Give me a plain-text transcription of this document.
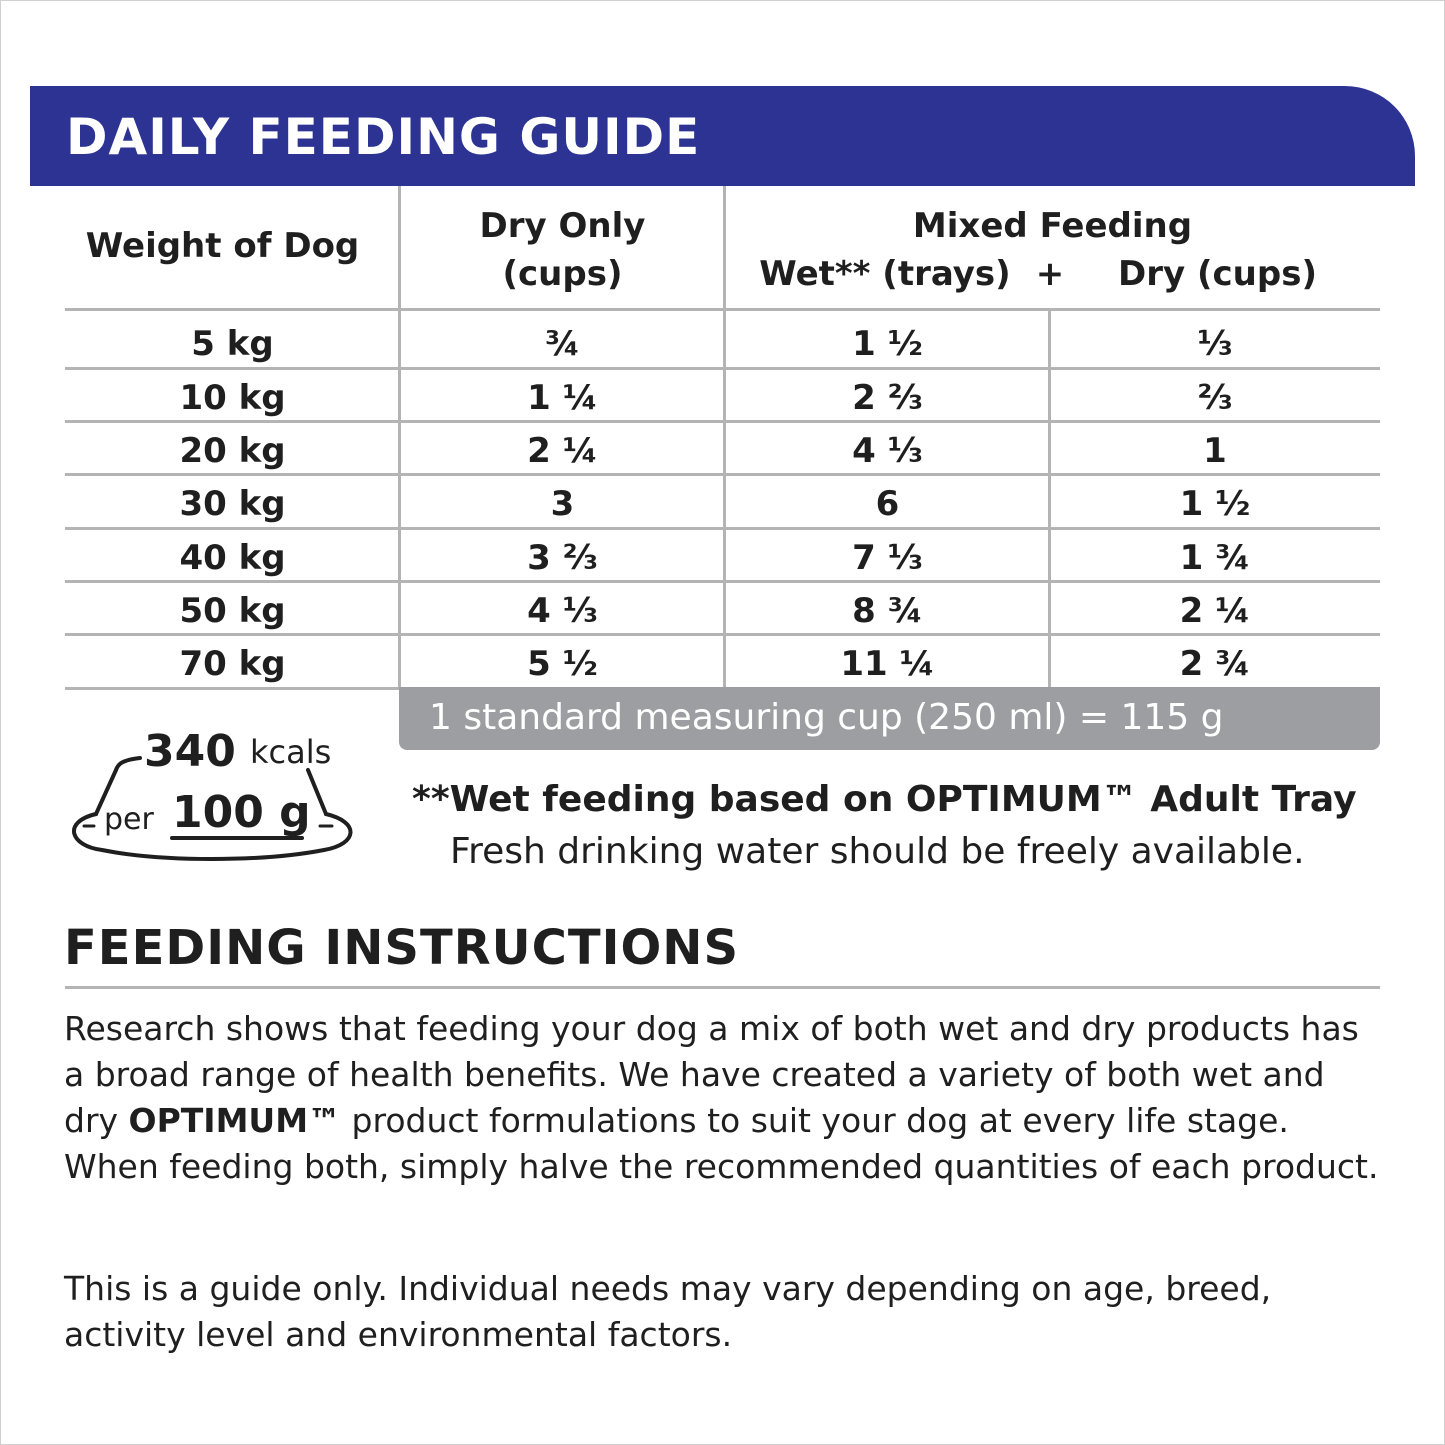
DAILY FEEDING GUIDE
Weight of Dog	Dry Only
(cups)
Mixed Feeding
Wet** (trays) +	Dry (cups)
5 kg	¾	1 ½	⅓
10 kg	1 ¼	2 ⅔	⅔
20 kg	2 ¼	4 ⅓	1
30 kg	3	6	1 ½
40 kg	3 ⅔	7 ⅓	1 ¾
50 kg	4 ⅓	8 ¾	2 ¼
70 kg	5 ½	11 ¼	2 ¾
1 standard measuring cup (250 ml) = 115 g
340 kcals
per 100 g	**Wet feeding based on OPTIMUM™ Adult Tray
Fresh drinking water should be freely available.
FEEDING INSTRUCTIONS
Research shows that feeding your dog a mix of both wet and dry products has a broad range of health benefits. We have created a variety of both wet and dry OPTIMUM™ product formulations to suit your dog at every life stage. When feeding both, simply halve the recommended quantities of each product.
This is a guide only. Individual needs may vary depending on age, breed, activity level and environmental factors.
